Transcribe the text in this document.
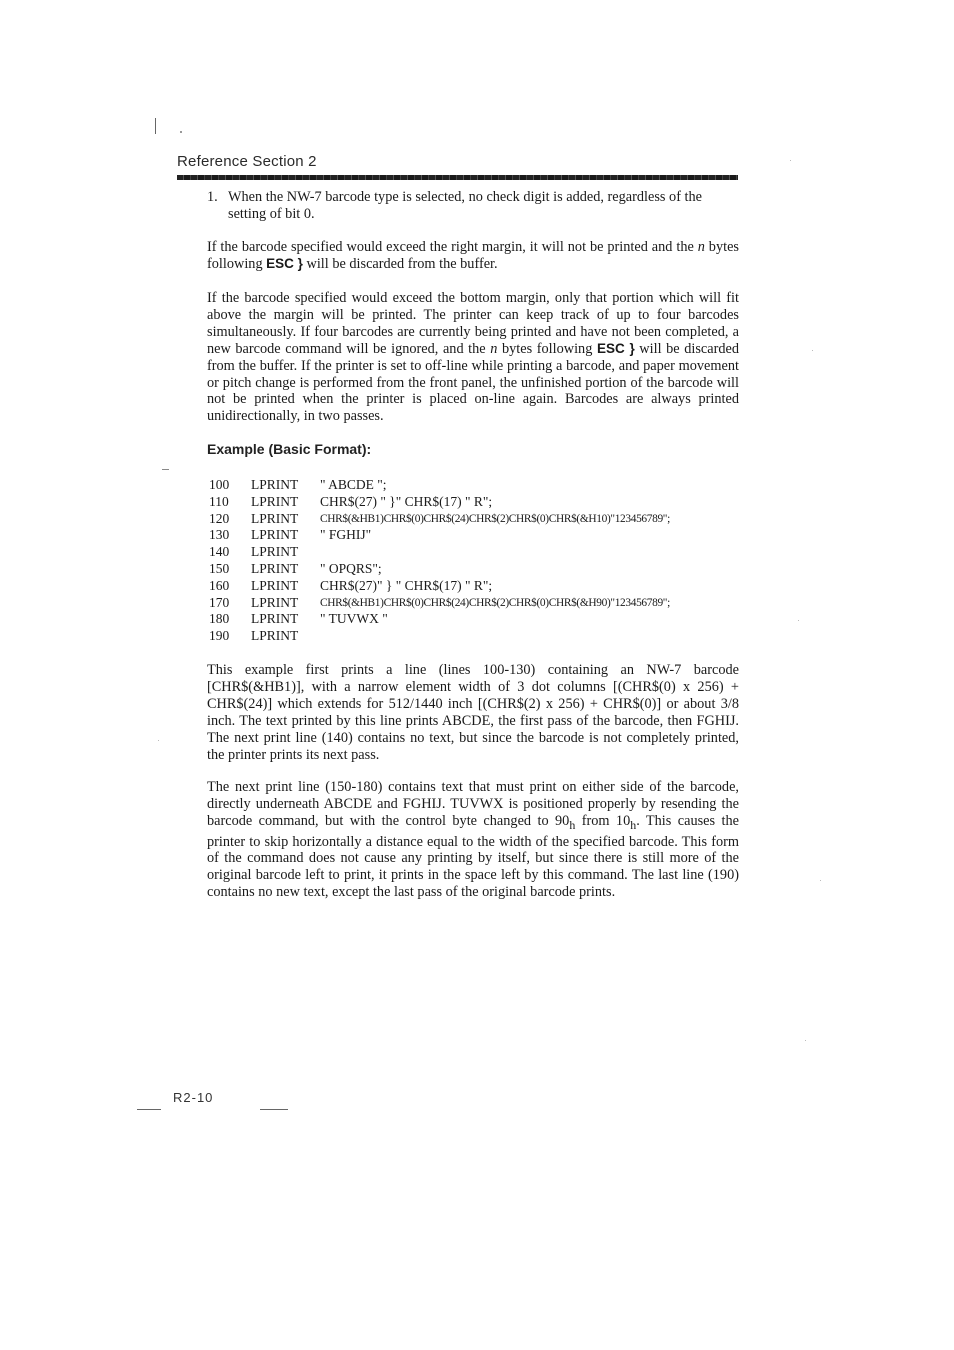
Reference Section 2
1. When the NW-7 barcode type is selected, no check digit is added, regardless of the setting of bit 0.
If the barcode specified would exceed the right margin, it will not be printed and the n bytes following ESC } will be discarded from the buffer.
If the barcode specified would exceed the bottom margin, only that portion which will fit above the margin will be printed. The printer can keep track of up to four barcodes simultaneously. If four barcodes are currently being printed and have not been completed, a new barcode command will be ignored, and the n bytes following ESC } will be discarded from the buffer. If the printer is set to off-line while printing a barcode, and paper movement or pitch change is performed from the front panel, the unfinished portion of the barcode will not be printed when the printer is placed on-line again. Barcodes are always printed unidirectionally, in two passes.
Example (Basic Format):
100 LPRINT " ABCDE ";
110 LPRINT CHR$(27) " }" CHR$(17) " R";
120 LPRINT CHR$(&HB1)CHR$(0)CHR$(24)CHR$(2)CHR$(0)CHR$(&H10)"123456789";
130 LPRINT " FGHIJ"
140 LPRINT
150 LPRINT " OPQRS";
160 LPRINT CHR$(27)" } " CHR$(17) " R";
170 LPRINT CHR$(&HB1)CHR$(0)CHR$(24)CHR$(2)CHR$(0)CHR$(&H90)"123456789";
180 LPRINT " TUVWX "
190 LPRINT
This example first prints a line (lines 100-130) containing an NW-7 barcode [CHR$(&HB1)], with a narrow element width of 3 dot columns [(CHR$(0) x 256) + CHR$(24)] which extends for 512/1440 inch [(CHR$(2) x 256) + CHR$(0)] or about 3/8 inch. The text printed by this line prints ABCDE, the first pass of the barcode, then FGHIJ. The next print line (140) contains no text, but since the barcode is not completely printed, the printer prints its next pass.
The next print line (150-180) contains text that must print on either side of the barcode, directly underneath ABCDE and FGHIJ. TUVWX is positioned properly by resending the barcode command, but with the control byte changed to $90_h$ from $10_h$. This causes the printer to skip horizontally a distance equal to the width of the specified barcode. This form of the command does not cause any printing by itself, but since there is still more of the original barcode left to print, it prints in the space left by this command. The last line (190) contains no new text, except the last pass of the original barcode prints.
R2-10
